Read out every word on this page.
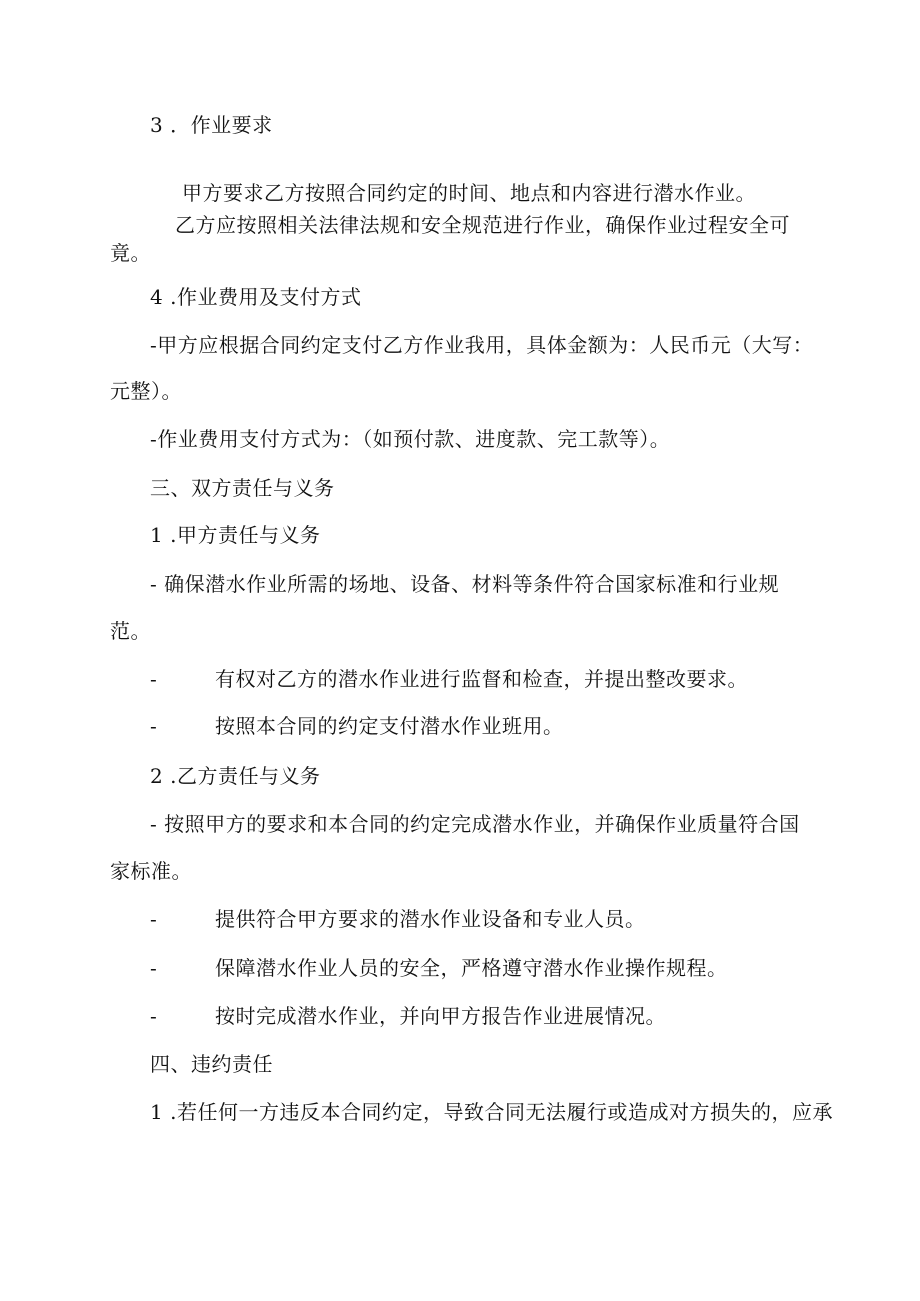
3 ．作业要求

甲方要求乙方按照合同约定的时间、地点和内容进行潜水作业。

乙方应按照相关法律法规和安全规范进行作业，确保作业过程安全可

竟。

4 .作业费用及支付方式

-甲方应根据合同约定支付乙方作业我用，具体金额为：人民币元（大写：

元整）。

-作业费用支付方式为：（如预付款、进度款、完工款等）。

三、双方责任与义务

1 .甲方责任与义务

- 确保潜水作业所需的场地、设备、材料等条件符合国家标准和行业规

范。

-	有权对乙方的潜水作业进行监督和检查，并提出整改要求。

-	按照本合同的约定支付潜水作业班用。

2 .乙方责任与义务

- 按照甲方的要求和本合同的约定完成潜水作业，并确保作业质量符合国

家标准。

-	提供符合甲方要求的潜水作业设备和专业人员。

-	保障潜水作业人员的安全，严格遵守潜水作业操作规程。

-	按时完成潜水作业，并向甲方报告作业进展情况。

四、违约责任

1 .若任何一方违反本合同约定，导致合同无法履行或造成对方损失的，应承
